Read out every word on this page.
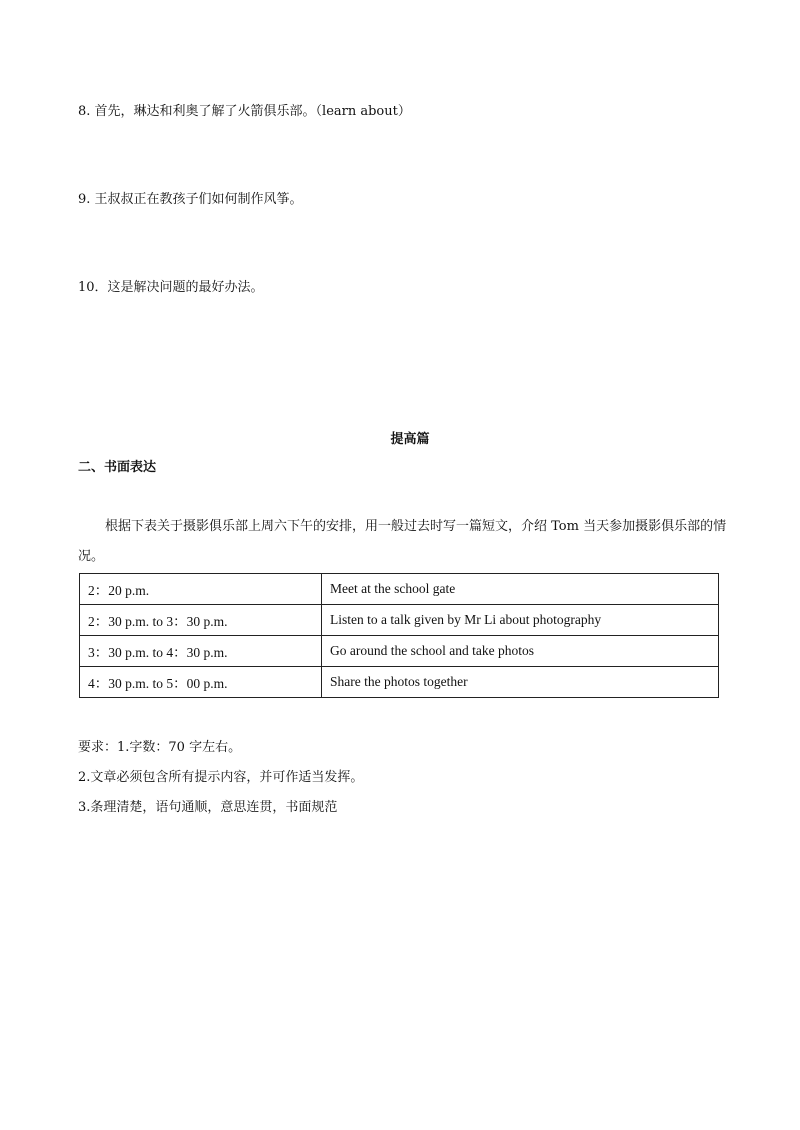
8. 首先，琳达和利奥了解了火箭俱乐部。（learn about）
9. 王叔叔正在教孩子们如何制作风筝。
10．这是解决问题的最好办法。
提高篇
二、书面表达
根据下表关于摄影俱乐部上周六下午的安排，用一般过去时写一篇短文，介绍 Tom 当天参加摄影俱乐部的情况。
2：20 p.m.	Meet at the school gate
2：30 p.m. to 3：30 p.m.	Listen to a talk given by Mr Li about photography
3：30 p.m. to 4：30 p.m.	Go around the school and take photos
4：30 p.m. to 5：00 p.m.	Share the photos together
要求：1.字数：70 字左右。
2.文章必须包含所有提示内容，并可作适当发挥。
3.条理清楚，语句通顺，意思连贯，书面规范
